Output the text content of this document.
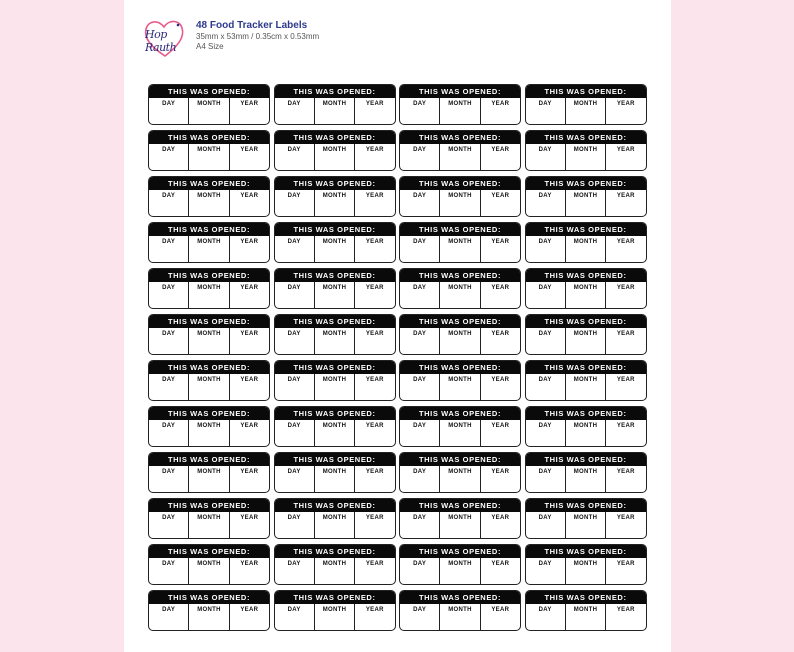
Hop Rauth
48 Food Tracker Labels
35mm x 53mm / 0.35cm x 0.53mm
A4 Size
THIS WAS OPENED:
DAY	MONTH	YEAR
THIS WAS OPENED:
DAY	MONTH	YEAR
THIS WAS OPENED:
DAY	MONTH	YEAR
THIS WAS OPENED:
DAY	MONTH	YEAR
THIS WAS OPENED:
DAY	MONTH	YEAR
THIS WAS OPENED:
DAY	MONTH	YEAR
THIS WAS OPENED:
DAY	MONTH	YEAR
THIS WAS OPENED:
DAY	MONTH	YEAR
THIS WAS OPENED:
DAY	MONTH	YEAR
THIS WAS OPENED:
DAY	MONTH	YEAR
THIS WAS OPENED:
DAY	MONTH	YEAR
THIS WAS OPENED:
DAY	MONTH	YEAR
THIS WAS OPENED:
DAY	MONTH	YEAR
THIS WAS OPENED:
DAY	MONTH	YEAR
THIS WAS OPENED:
DAY	MONTH	YEAR
THIS WAS OPENED:
DAY	MONTH	YEAR
THIS WAS OPENED:
DAY	MONTH	YEAR
THIS WAS OPENED:
DAY	MONTH	YEAR
THIS WAS OPENED:
DAY	MONTH	YEAR
THIS WAS OPENED:
DAY	MONTH	YEAR
THIS WAS OPENED:
DAY	MONTH	YEAR
THIS WAS OPENED:
DAY	MONTH	YEAR
THIS WAS OPENED:
DAY	MONTH	YEAR
THIS WAS OPENED:
DAY	MONTH	YEAR
THIS WAS OPENED:
DAY	MONTH	YEAR
THIS WAS OPENED:
DAY	MONTH	YEAR
THIS WAS OPENED:
DAY	MONTH	YEAR
THIS WAS OPENED:
DAY	MONTH	YEAR
THIS WAS OPENED:
DAY	MONTH	YEAR
THIS WAS OPENED:
DAY	MONTH	YEAR
THIS WAS OPENED:
DAY	MONTH	YEAR
THIS WAS OPENED:
DAY	MONTH	YEAR
THIS WAS OPENED:
DAY	MONTH	YEAR
THIS WAS OPENED:
DAY	MONTH	YEAR
THIS WAS OPENED:
DAY	MONTH	YEAR
THIS WAS OPENED:
DAY	MONTH	YEAR
THIS WAS OPENED:
DAY	MONTH	YEAR
THIS WAS OPENED:
DAY	MONTH	YEAR
THIS WAS OPENED:
DAY	MONTH	YEAR
THIS WAS OPENED:
DAY	MONTH	YEAR
THIS WAS OPENED:
DAY	MONTH	YEAR
THIS WAS OPENED:
DAY	MONTH	YEAR
THIS WAS OPENED:
DAY	MONTH	YEAR
THIS WAS OPENED:
DAY	MONTH	YEAR
THIS WAS OPENED:
DAY	MONTH	YEAR
THIS WAS OPENED:
DAY	MONTH	YEAR
THIS WAS OPENED:
DAY	MONTH	YEAR
THIS WAS OPENED:
DAY	MONTH	YEAR
